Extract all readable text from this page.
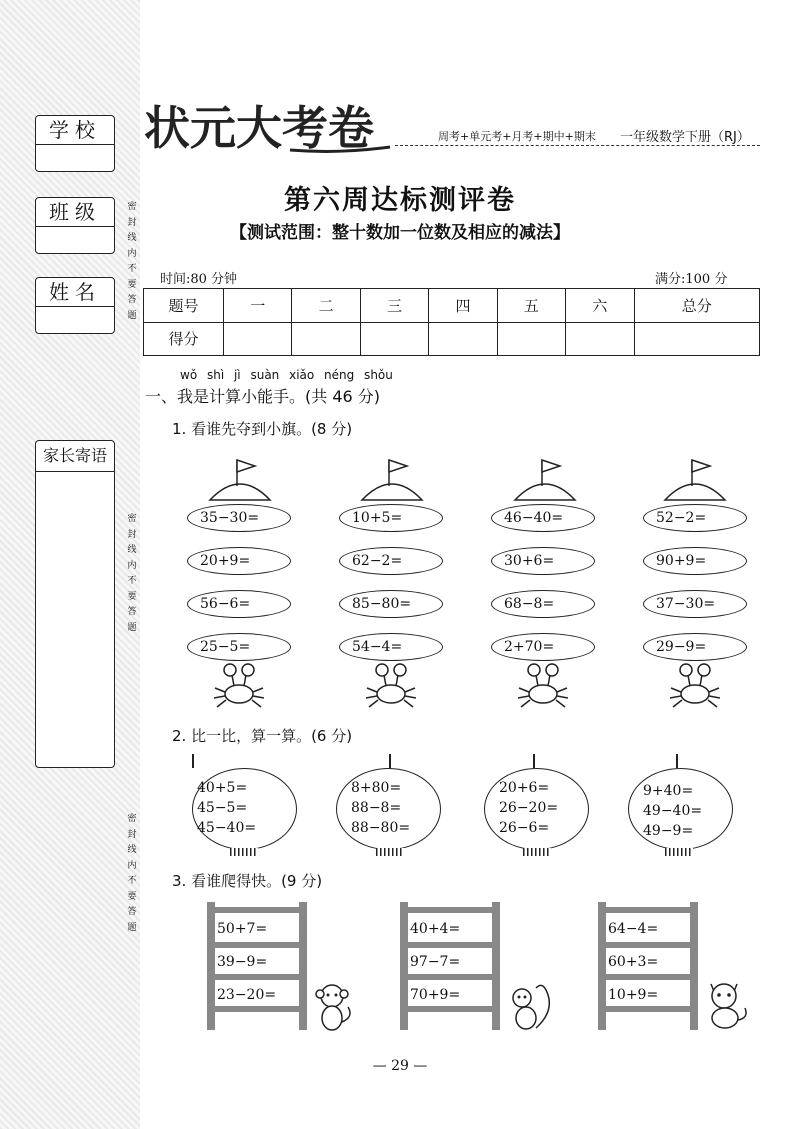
学校
班级
姓名
密
封
线
内
不
要
答
题
密
封
线
内
不
要
答
题
密
封
线
内
不
要
答
题
家长寄语
状元大考卷	周考+单元考+月考+期中+期末 一年级数学下册（RJ）
第六周达标测评卷
【测试范围：整十数加一位数及相应的减法】
时间:80 分钟	满分:100 分
题号	一	二	三	四	五	六	总分
得分							
wǒ shì jì suàn xiǎo néng shǒu
一、我是计算小能手。(共 46 分)
1. 看谁先夺到小旗。(8 分)
35−30=
20+9=
56−6=
25−5=
10+5=
62−2=
85−80=
54−4=
46−40=
30+6=
68−8=
2+70=
52−2=
90+9=
37−30=
29−9=
2. 比一比，算一算。(6 分)
40+5=
45−5=
45−40=
8+80=
88−8=
88−80=
20+6=
26−20=
26−6=
9+40=
49−40=
49−9=
3. 看谁爬得快。(9 分)
50+7=
39−9=
23−20=
40+4=
97−7=
70+9=
64−4=
60+3=
10+9=
— 29 —
